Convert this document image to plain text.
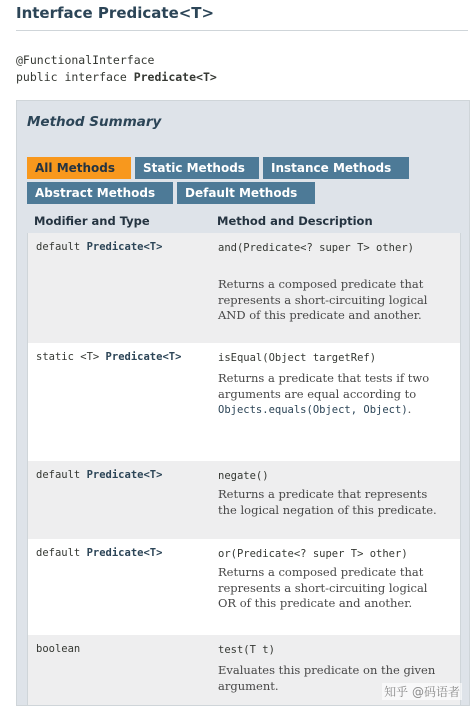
Interface Predicate<T>
@FunctionalInterface
public interface Predicate<T>
Method Summary
All Methods	Static Methods	Instance Methods
Abstract Methods	Default Methods
Modifier and Type	Method and Description
default Predicate<T>	and(Predicate<? super T> other)
Returns a composed predicate that represents a short-circuiting logical AND of this predicate and another.
static <T> Predicate<T>	isEqual(Object targetRef)
Returns a predicate that tests if two arguments are equal according to Objects.equals(Object, Object).
default Predicate<T>	negate()
Returns a predicate that represents the logical negation of this predicate.
default Predicate<T>	or(Predicate<? super T> other)
Returns a composed predicate that represents a short-circuiting logical OR of this predicate and another.
boolean	test(T t)
Evaluates this predicate on the given argument.	知乎 @码语者
